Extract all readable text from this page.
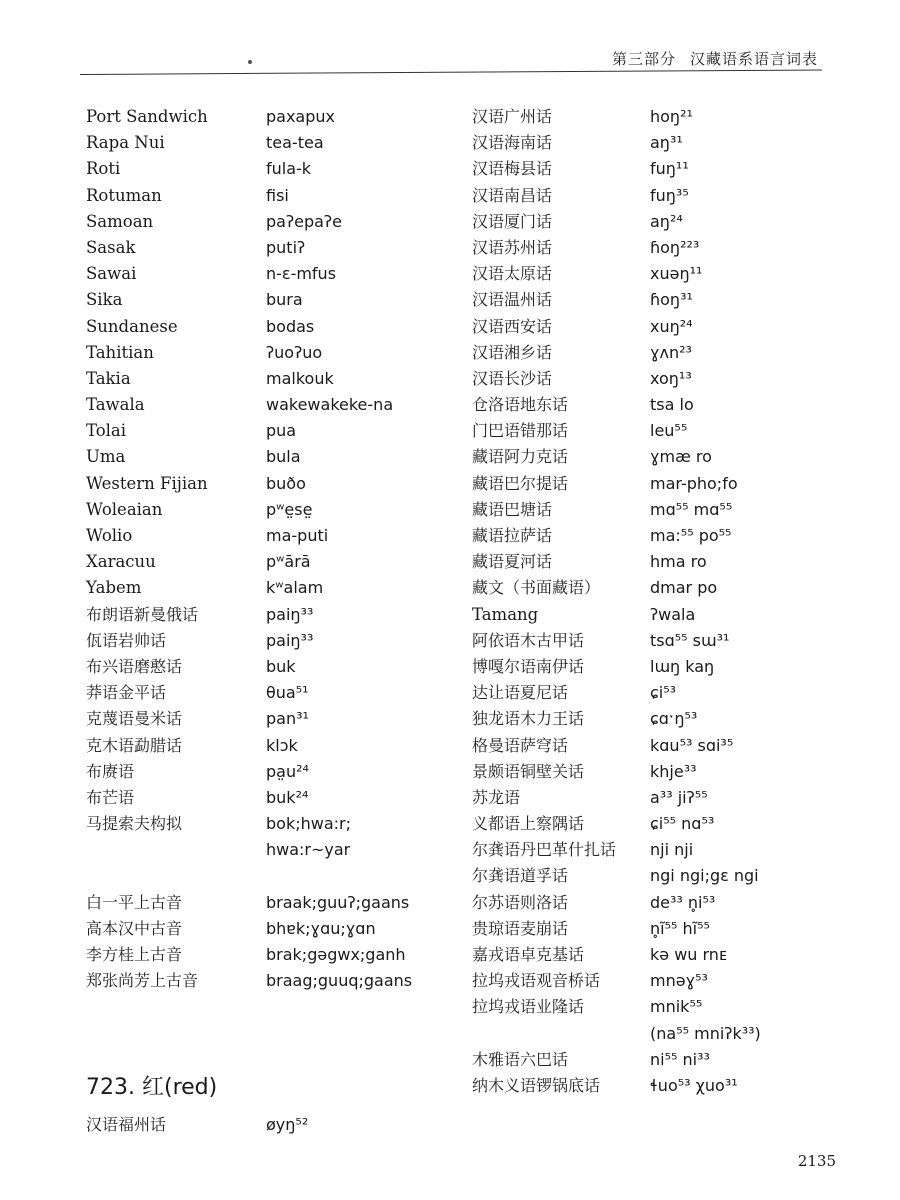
第三部分 汉藏语系语言词表
Port Sandwich	paxapux
Rapa Nui	tea-tea
Roti	fula-k
Rotuman	fisi
Samoan	paʔepaʔe
Sasak	putiʔ
Sawai	n-ɛ-mfus
Sika	bura
Sundanese	bodas
Tahitian	ʔuoʔuo
Takia	malkouk
Tawala	wakewakeke-na
Tolai	pua
Uma	bula
Western Fijian	buðo
Woleaian	pʷe̤se̤
Wolio	ma-puti
Xaracuu	pʷārā
Yabem	kʷalam
布朗语新曼俄话	paiŋ³³
佤语岩帅话	paiŋ³³
布兴语磨憨话	buk
莽语金平话	θua⁵¹
克蔑语曼米话	pan³¹
克木语勐腊话	klɔk
布赓语	pa̤u²⁴
布芒语	buk²⁴
马提索夫构拟	bok;hwa:r;
hwa:r~yar
白一平上古音	braak;guuʔ;gaans
高本汉中古音	bhɐk;ɣɑu;ɣɑn
李方桂上古音	brak;gəgwx;ganh
郑张尚芳上古音	braag;guuq;gaans
723. 红(red)
汉语福州话	øyŋ⁵²
汉语广州话	hoŋ²¹
汉语海南话	aŋ³¹
汉语梅县话	fuŋ¹¹
汉语南昌话	fuŋ³⁵
汉语厦门话	aŋ²⁴
汉语苏州话	ɦoŋ²²³
汉语太原话	xuəŋ¹¹
汉语温州话	ɦoŋ³¹
汉语西安话	xuŋ²⁴
汉语湘乡话	ɣʌn²³
汉语长沙话	xoŋ¹³
仓洛语地东话	tsa lo
门巴语错那话	leu⁵⁵
藏语阿力克话	ɣmæ ro
藏语巴尔提话	mar-pho;fo
藏语巴塘话	mɑ⁵⁵ mɑ⁵⁵
藏语拉萨话	ma:⁵⁵ po⁵⁵
藏语夏河话	hma ro
藏文（书面藏语）	dmar po
Tamang	ʔwala
阿依语木古甲话	tsɑ⁵⁵ sɯ³¹
博嘎尔语南伊话	lɯŋ kaŋ
达让语夏尼话	ɕi⁵³
独龙语木力王话	ɕɑˑŋ⁵³
格曼语萨穹话	kɑu⁵³ sɑi³⁵
景颇语铜壁关话	khje³³
苏龙语	a³³ jiʔ⁵⁵
义都语上察隅话	ɕi⁵⁵ nɑ⁵³
尔龚语丹巴革什扎话 nji nji
尔龚语道孚话	ngi ngi;gɛ ngi
尔苏语则洛话	de³³ n̥i⁵³
贵琼语麦崩话	n̥ĩ⁵⁵ hĩ⁵⁵
嘉戎语卓克基话	kə wu rnᴇ
拉坞戎语观音桥话	mnəɣ⁵³
拉坞戎语业隆话	mnik⁵⁵
(na⁵⁵ mniʔk³³)
木雅语六巴话	ni⁵⁵ ni³³
纳木义语锣锅底话	ɬuo⁵³ χuo³¹
2135
